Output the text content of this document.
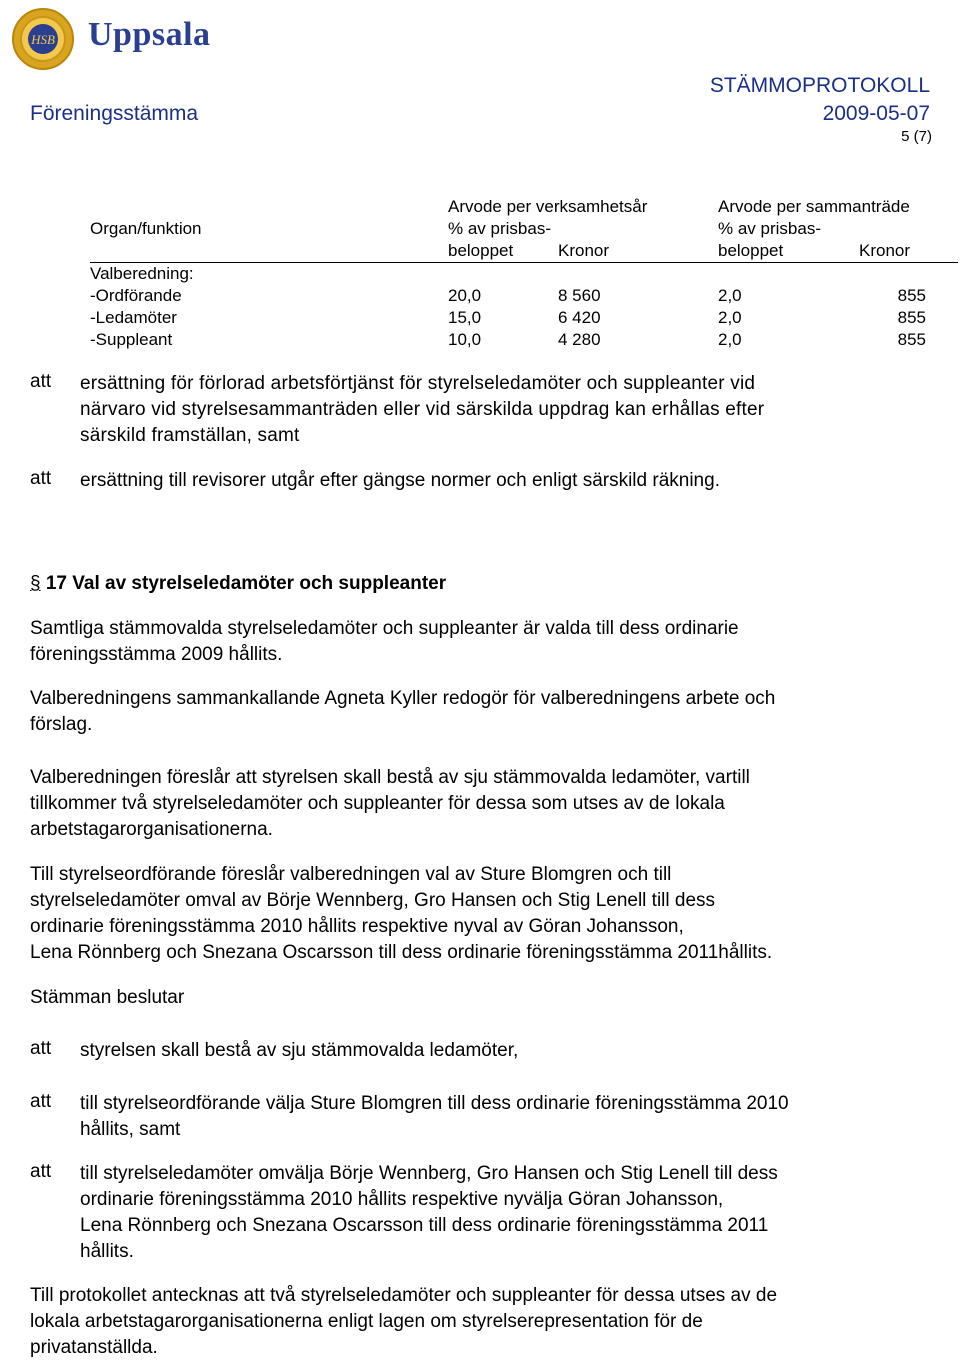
HSB Uppsala
STÄMMOPROTOKOLL
Föreningsstämma	2009-05-07
5 (7)
	Arvode per verksamhetsår			Arvode per sammanträde	
Organ/funktion	% av prisbas-			% av prisbas-	
	beloppet	Kronor		beloppet	Kronor
Valberedning:					
-Ordförande	20,0	8 560		2,0	855
-Ledamöter	15,0	6 420		2,0	855
-Suppleant	10,0	4 280		2,0	855
att ersättning för förlorad arbetsförtjänst för styrelseledamöter och suppleanter vid
närvaro vid styrelsesammanträden eller vid särskilda uppdrag kan erhållas efter
särskild framställan, samt
att ersättning till revisorer utgår efter gängse normer och enligt särskild räkning.
§ 17 Val av styrelseledamöter och suppleanter
Samtliga stämmovalda styrelseledamöter och suppleanter är valda till dess ordinarie
föreningsstämma 2009 hållits.
Valberedningens sammankallande Agneta Kyller redogör för valberedningens arbete och
förslag.
Valberedningen föreslår att styrelsen skall bestå av sju stämmovalda ledamöter, vartill
tillkommer två styrelseledamöter och suppleanter för dessa som utses av de lokala
arbetstagarorganisationerna.
Till styrelseordförande föreslår valberedningen val av Sture Blomgren och till
styrelseledamöter omval av Börje Wennberg, Gro Hansen och Stig Lenell till dess
ordinarie föreningsstämma 2010 hållits respektive nyval av Göran Johansson,
Lena Rönnberg och Snezana Oscarsson till dess ordinarie föreningsstämma 2011hållits.
Stämman beslutar
att styrelsen skall bestå av sju stämmovalda ledamöter,
att till styrelseordförande välja Sture Blomgren till dess ordinarie föreningsstämma 2010
hållits, samt
att till styrelseledamöter omvälja Börje Wennberg, Gro Hansen och Stig Lenell till dess
ordinarie föreningsstämma 2010 hållits respektive nyvälja Göran Johansson,
Lena Rönnberg och Snezana Oscarsson till dess ordinarie föreningsstämma 2011
hållits.
Till protokollet antecknas att två styrelseledamöter och suppleanter för dessa utses av de
lokala arbetstagarorganisationerna enligt lagen om styrelserepresentation för de
privatanställda.
